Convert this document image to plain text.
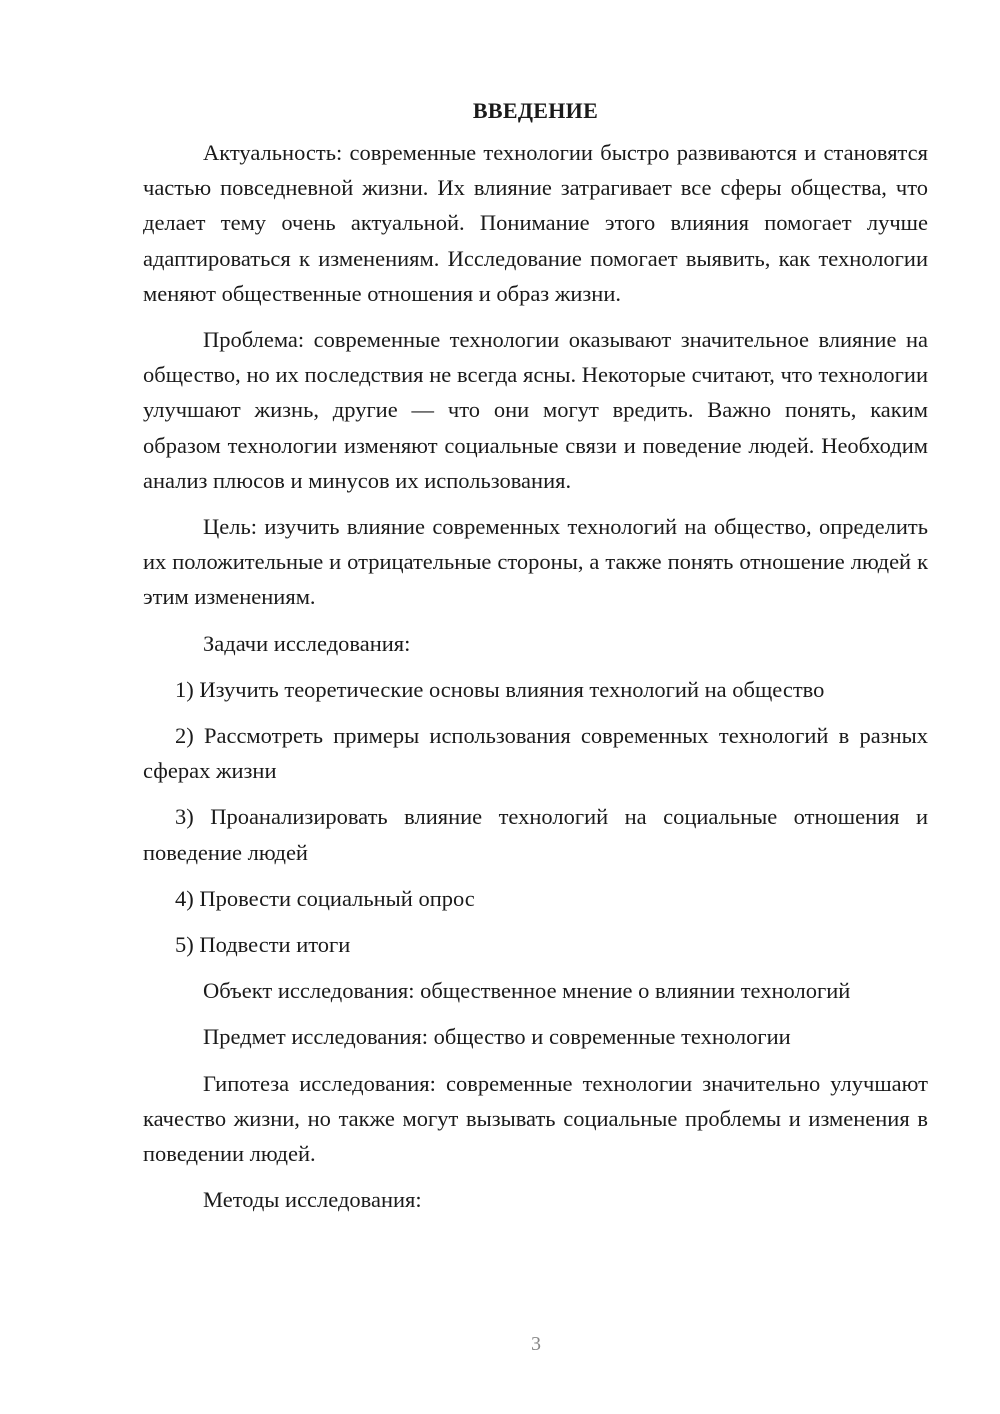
ВВЕДЕНИЕ

Актуальность: современные технологии быстро развиваются и становятся частью повседневной жизни. Их влияние затрагивает все сферы общества, что делает тему очень актуальной. Понимание этого влияния помогает лучше адаптироваться к изменениям. Исследование помогает выявить, как технологии меняют общественные отношения и образ жизни.

Проблема: современные технологии оказывают значительное влияние на общество, но их последствия не всегда ясны. Некоторые считают, что технологии улучшают жизнь, другие — что они могут вредить. Важно понять, каким образом технологии изменяют социальные связи и поведение людей. Необходим анализ плюсов и минусов их использования.

Цель: изучить влияние современных технологий на общество, определить их положительные и отрицательные стороны, а также понять отношение людей к этим изменениям.

Задачи исследования:

1) Изучить теоретические основы влияния технологий на общество

2) Рассмотреть примеры использования современных технологий в разных сферах жизни

3) Проанализировать влияние технологий на социальные отношения и поведение людей

4) Провести социальный опрос

5) Подвести итоги

Объект исследования: общественное мнение о влиянии технологий

Предмет исследования: общество и современные технологии

Гипотеза исследования: современные технологии значительно улучшают качество жизни, но также могут вызывать социальные проблемы и изменения в поведении людей.

Методы исследования:

3
